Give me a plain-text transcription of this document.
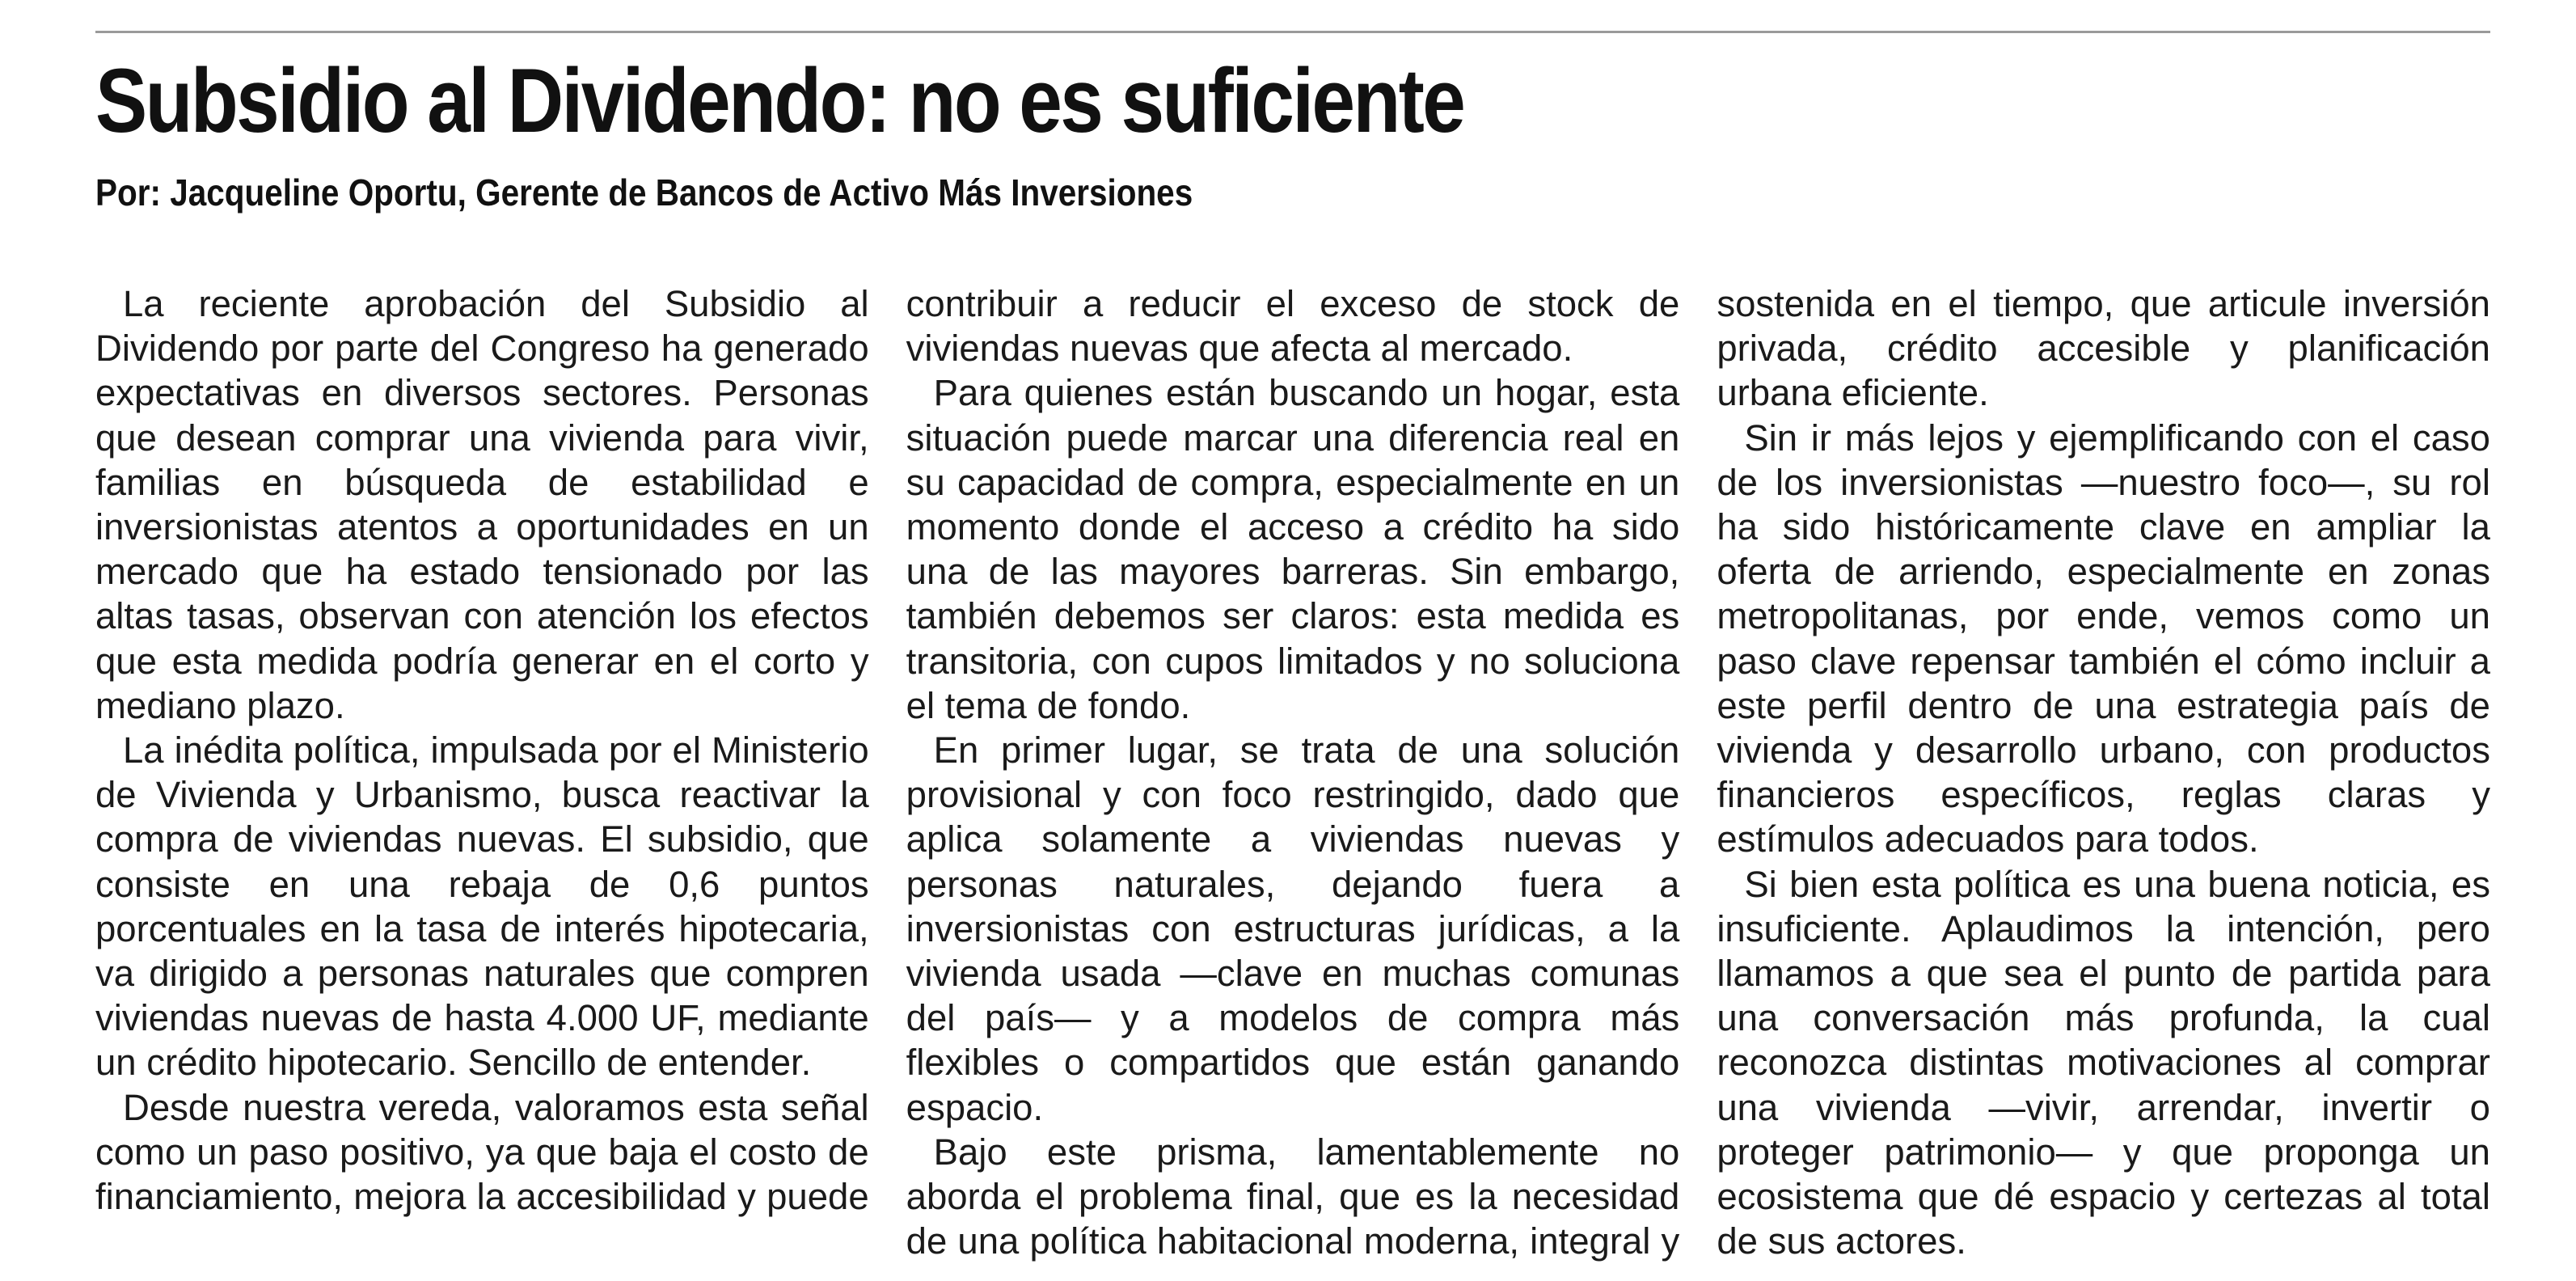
Subsidio al Dividendo: no es suficiente
Por: Jacqueline Oportu, Gerente de Bancos de Activo Más Inversiones

La reciente aprobación del Subsidio al Dividendo por parte del Congreso ha generado expectativas en diversos sectores. Personas que desean comprar una vivienda para vivir, familias en búsqueda de estabilidad e inversionistas atentos a oportunidades en un mercado que ha estado tensionado por las altas tasas, observan con atención los efectos que esta medida podría generar en el corto y mediano plazo.

La inédita política, impulsada por el Ministerio de Vivienda y Urbanismo, busca reactivar la compra de viviendas nuevas. El subsidio, que consiste en una rebaja de 0,6 puntos porcentuales en la tasa de interés hipotecaria, va dirigido a personas naturales que compren viviendas nuevas de hasta 4.000 UF, mediante un crédito hipotecario. Sencillo de entender.

Desde nuestra vereda, valoramos esta señal como un paso positivo, ya que baja el costo de financiamiento, mejora la accesibilidad y puede contribuir a reducir el exceso de stock de viviendas nuevas que afecta al mercado.

Para quienes están buscando un hogar, esta situación puede marcar una diferencia real en su capacidad de compra, especialmente en un momento donde el acceso a crédito ha sido una de las mayores barreras. Sin embargo, también debemos ser claros: esta medida es transitoria, con cupos limitados y no soluciona el tema de fondo.

En primer lugar, se trata de una solución provisional y con foco restringido, dado que aplica solamente a viviendas nuevas y personas naturales, dejando fuera a inversionistas con estructuras jurídicas, a la vivienda usada —clave en muchas comunas del país— y a modelos de compra más flexibles o compartidos que están ganando espacio.

Bajo este prisma, lamentablemente no aborda el problema final, que es la necesidad de una política habitacional moderna, integral y sostenida en el tiempo, que articule inversión privada, crédito accesible y planificación urbana eficiente.

Sin ir más lejos y ejemplificando con el caso de los inversionistas —nuestro foco—, su rol ha sido históricamente clave en ampliar la oferta de arriendo, especialmente en zonas metropolitanas, por ende, vemos como un paso clave repensar también el cómo incluir a este perfil dentro de una estrategia país de vivienda y desarrollo urbano, con productos financieros específicos, reglas claras y estímulos adecuados para todos.

Si bien esta política es una buena noticia, es insuficiente. Aplaudimos la intención, pero llamamos a que sea el punto de partida para una conversación más profunda, la cual reconozca distintas motivaciones al comprar una vivienda —vivir, arrendar, invertir o proteger patrimonio— y que proponga un ecosistema que dé espacio y certezas al total de sus actores.
